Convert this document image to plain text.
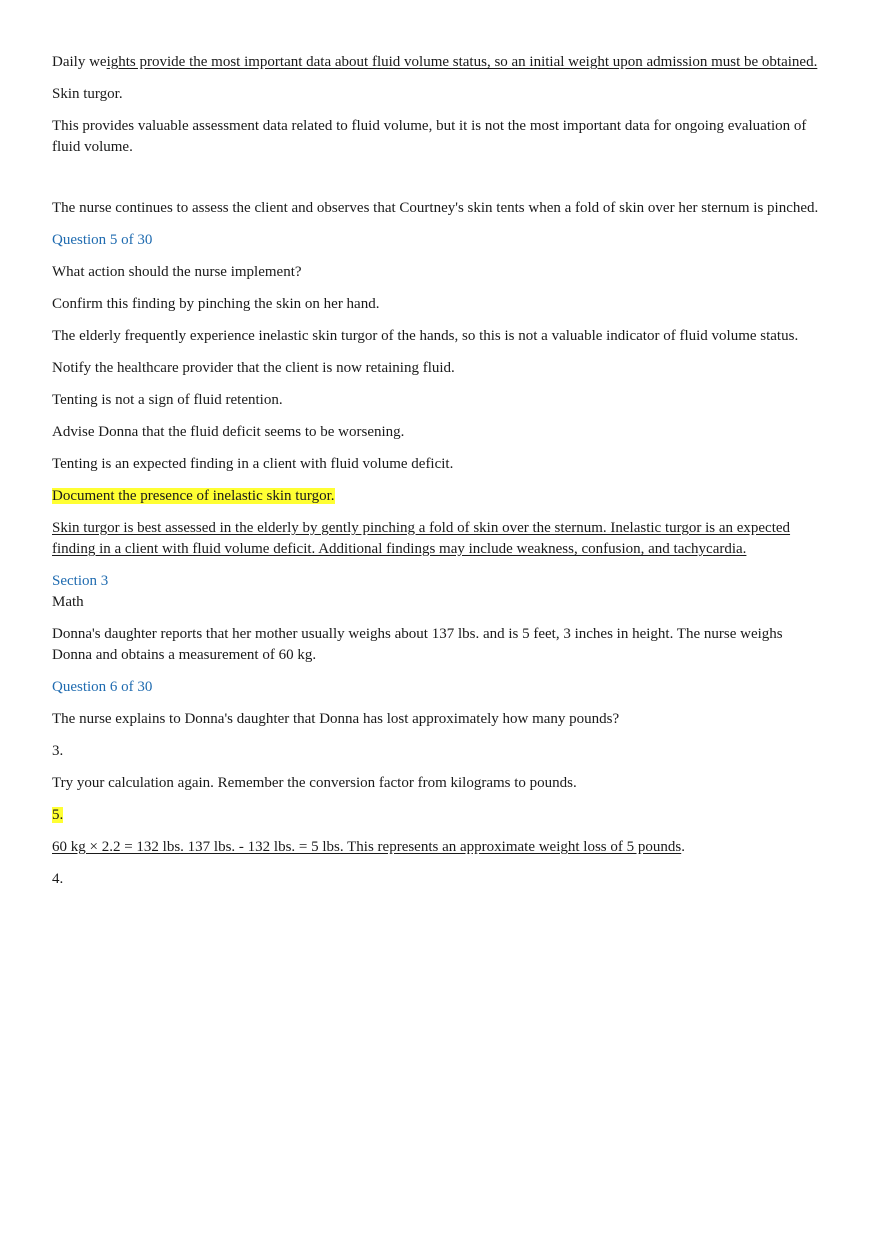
Daily weights provide the most important data about fluid volume status, so an initial weight upon admission must be obtained.

Skin turgor.

This provides valuable assessment data related to fluid volume, but it is not the most important data for ongoing evaluation of fluid volume.

The nurse continues to assess the client and observes that Courtney's skin tents when a fold of skin over her sternum is pinched.

Question 5 of 30

What action should the nurse implement?

Confirm this finding by pinching the skin on her hand.

The elderly frequently experience inelastic skin turgor of the hands, so this is not a valuable indicator of fluid volume status.

Notify the healthcare provider that the client is now retaining fluid.

Tenting is not a sign of fluid retention.

Advise Donna that the fluid deficit seems to be worsening.

Tenting is an expected finding in a client with fluid volume deficit.

Document the presence of inelastic skin turgor.

Skin turgor is best assessed in the elderly by gently pinching a fold of skin over the sternum. Inelastic turgor is an expected finding in a client with fluid volume deficit. Additional findings may include weakness, confusion, and tachycardia.

Section 3

Math

Donna's daughter reports that her mother usually weighs about 137 lbs. and is 5 feet, 3 inches in height. The nurse weighs Donna and obtains a measurement of 60 kg.

Question 6 of 30

The nurse explains to Donna's daughter that Donna has lost approximately how many pounds?

3.

Try your calculation again. Remember the conversion factor from kilograms to pounds.

5.

60 kg × 2.2 = 132 lbs. 137 lbs. - 132 lbs. = 5 lbs. This represents an approximate weight loss of 5 pounds.

4.
